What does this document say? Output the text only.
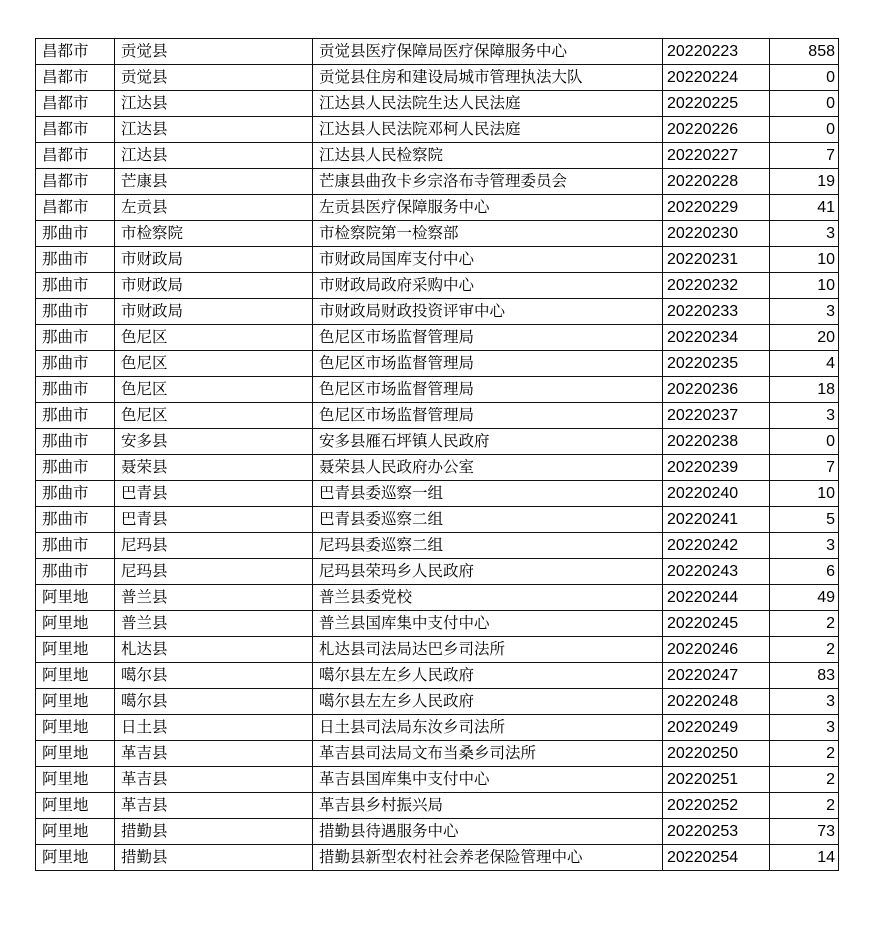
昌都市	贡觉县	贡觉县医疗保障局医疗保障服务中心	20220223	858
昌都市	贡觉县	贡觉县住房和建设局城市管理执法大队	20220224	0
昌都市	江达县	江达县人民法院生达人民法庭	20220225	0
昌都市	江达县	江达县人民法院邓柯人民法庭	20220226	0
昌都市	江达县	江达县人民检察院	20220227	7
昌都市	芒康县	芒康县曲孜卡乡宗洛布寺管理委员会	20220228	19
昌都市	左贡县	左贡县医疗保障服务中心	20220229	41
那曲市	市检察院	市检察院第一检察部	20220230	3
那曲市	市财政局	市财政局国库支付中心	20220231	10
那曲市	市财政局	市财政局政府采购中心	20220232	10
那曲市	市财政局	市财政局财政投资评审中心	20220233	3
那曲市	色尼区	色尼区市场监督管理局	20220234	20
那曲市	色尼区	色尼区市场监督管理局	20220235	4
那曲市	色尼区	色尼区市场监督管理局	20220236	18
那曲市	色尼区	色尼区市场监督管理局	20220237	3
那曲市	安多县	安多县雁石坪镇人民政府	20220238	0
那曲市	聂荣县	聂荣县人民政府办公室	20220239	7
那曲市	巴青县	巴青县委巡察一组	20220240	10
那曲市	巴青县	巴青县委巡察二组	20220241	5
那曲市	尼玛县	尼玛县委巡察二组	20220242	3
那曲市	尼玛县	尼玛县荣玛乡人民政府	20220243	6
阿里地	普兰县	普兰县委党校	20220244	49
阿里地	普兰县	普兰县国库集中支付中心	20220245	2
阿里地	札达县	札达县司法局达巴乡司法所	20220246	2
阿里地	噶尔县	噶尔县左左乡人民政府	20220247	83
阿里地	噶尔县	噶尔县左左乡人民政府	20220248	3
阿里地	日土县	日土县司法局东汝乡司法所	20220249	3
阿里地	革吉县	革吉县司法局文布当桑乡司法所	20220250	2
阿里地	革吉县	革吉县国库集中支付中心	20220251	2
阿里地	革吉县	革吉县乡村振兴局	20220252	2
阿里地	措勤县	措勤县待遇服务中心	20220253	73
阿里地	措勤县	措勤县新型农村社会养老保险管理中心	20220254	14
